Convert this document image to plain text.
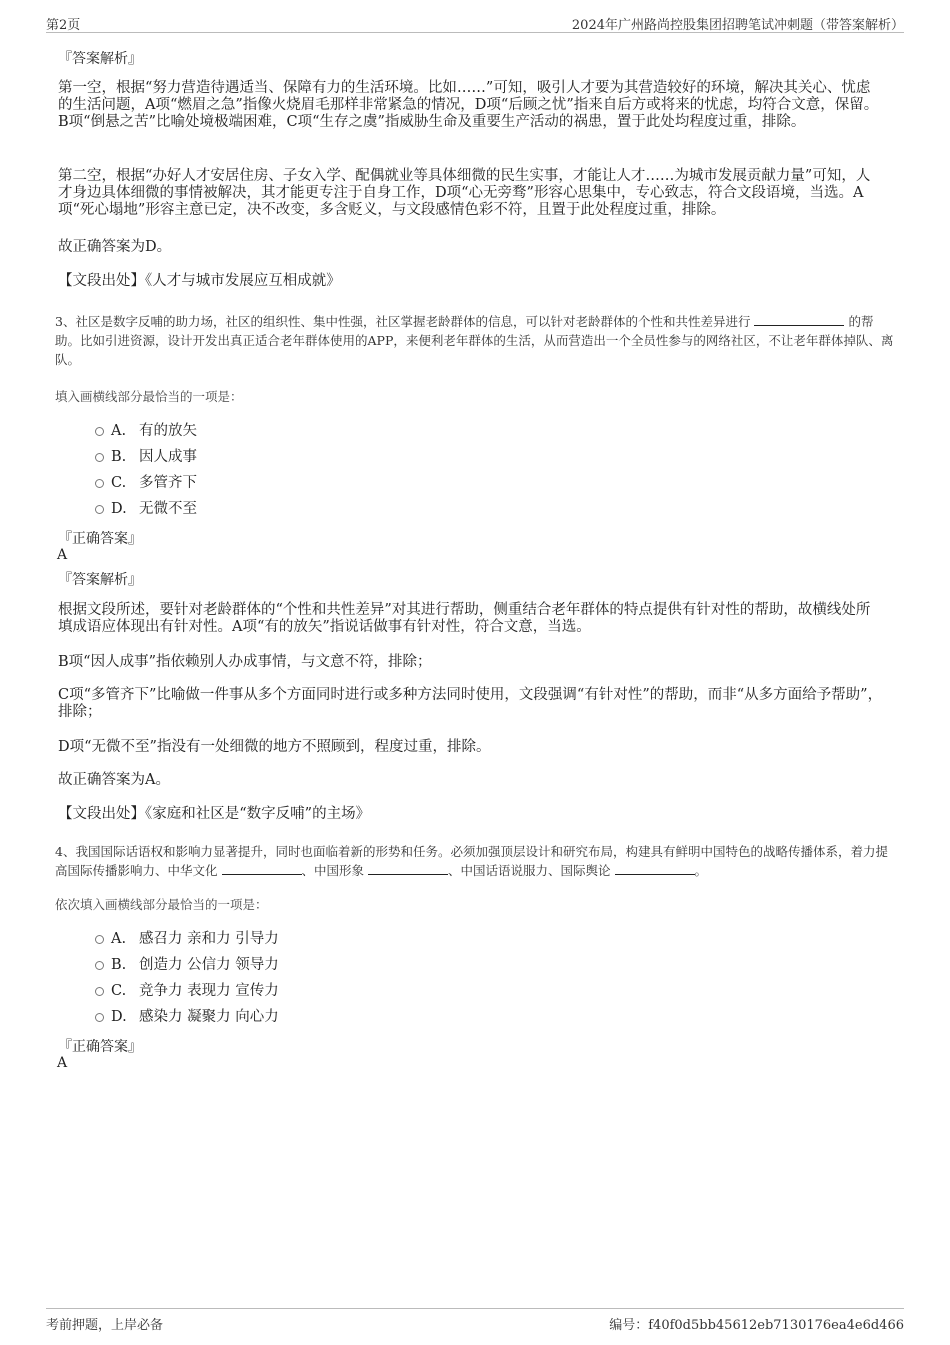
第2页	2024年广州路尚控股集团招聘笔试冲刺题（带答案解析）
『答案解析』
第一空，根据“努力营造待遇适当、保障有力的生活环境。比如……”可知，吸引人才要为其营造较好的环境，解决其关心、忧虑的生活问题，A项“燃眉之急”指像火烧眉毛那样非常紧急的情况，D项“后顾之忧”指来自后方或将来的忧虑，均符合文意，保留。B项“倒悬之苦”比喻处境极端困难，C项“生存之虞”指威胁生命及重要生产活动的祸患，置于此处均程度过重，排除。
第二空，根据“办好人才安居住房、子女入学、配偶就业等具体细微的民生实事，才能让人才……为城市发展贡献力量”可知，人才身边具体细微的事情被解决，其才能更专注于自身工作，D项“心无旁骛”形容心思集中，专心致志，符合文段语境，当选。A项“死心塌地”形容主意已定，决不改变，多含贬义，与文段感情色彩不符，且置于此处程度过重，排除。
故正确答案为D。
【文段出处】《人才与城市发展应互相成就》
3、社区是数字反哺的助力场，社区的组织性、集中性强，社区掌握老龄群体的信息，可以针对老龄群体的个性和共性差异进行	的帮助。比如引进资源，设计开发出真正适合老年群体使用的APP，来便利老年群体的生活，从而营造出一个全员性参与的网络社区，不让老年群体掉队、离队。
填入画横线部分最恰当的一项是：
A. 有的放矢
B. 因人成事
C. 多管齐下
D. 无微不至
『正确答案』
A
『答案解析』
根据文段所述，要针对老龄群体的“个性和共性差异”对其进行帮助，侧重结合老年群体的特点提供有针对性的帮助，故横线处所填成语应体现出有针对性。A项“有的放矢”指说话做事有针对性，符合文意，当选。
B项“因人成事”指依赖别人办成事情，与文意不符，排除；
C项“多管齐下”比喻做一件事从多个方面同时进行或多种方法同时使用，文段强调“有针对性”的帮助，而非“从多方面给予帮助”，排除；
D项“无微不至”指没有一处细微的地方不照顾到，程度过重，排除。
故正确答案为A。
【文段出处】《家庭和社区是“数字反哺”的主场》
4、我国国际话语权和影响力显著提升，同时也面临着新的形势和任务。必须加强顶层设计和研究布局，构建具有鲜明中国特色的战略传播体系，着力提高国际传播影响力、中华文化	、中国形象	、中国话语说服力、国际舆论	。
依次填入画横线部分最恰当的一项是：
A. 感召力 亲和力 引导力
B. 创造力 公信力 领导力
C. 竞争力 表现力 宣传力
D. 感染力 凝聚力 向心力
『正确答案』
A
考前押题，上岸必备	编号：f40f0d5bb45612eb7130176ea4e6d466
